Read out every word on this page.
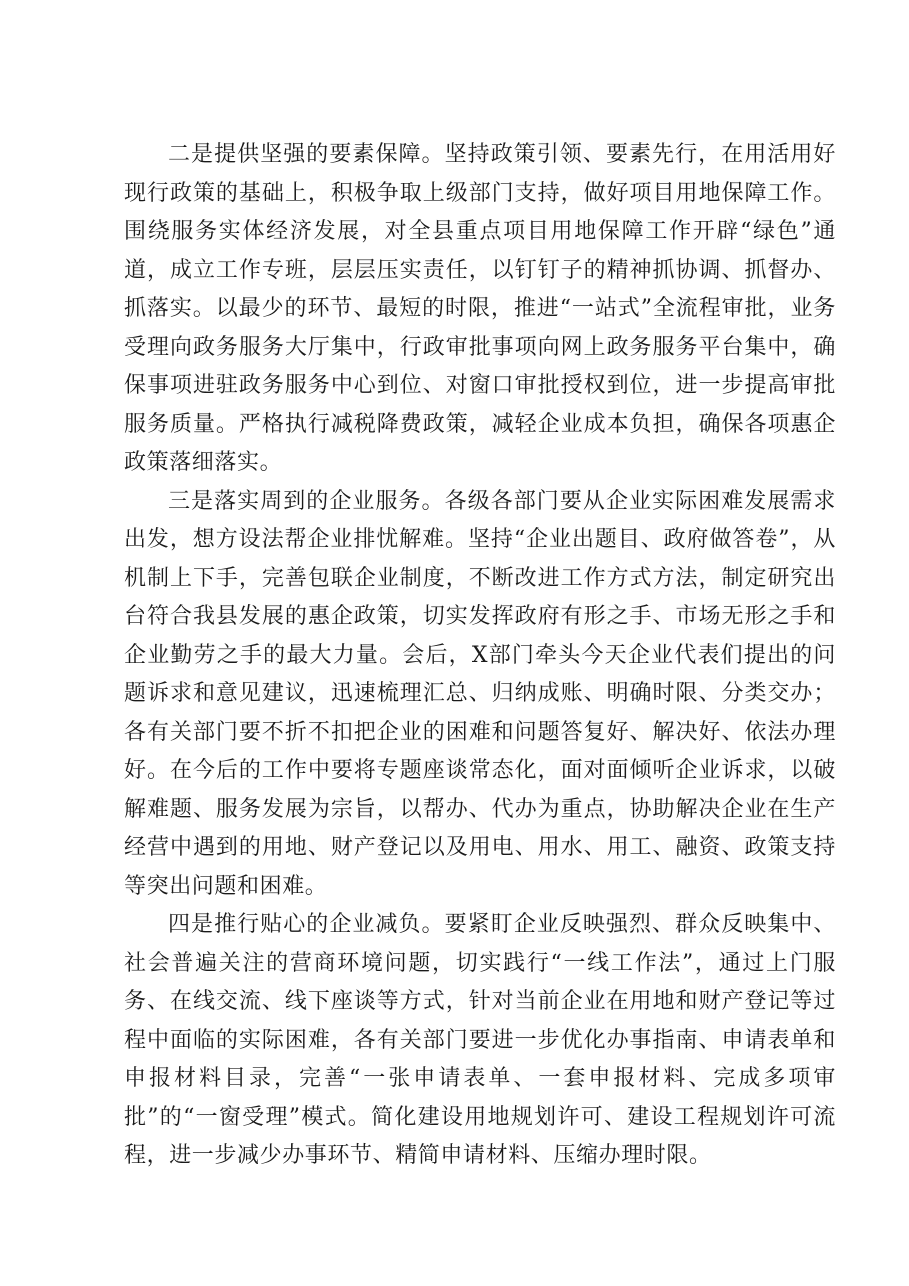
二是提供坚强的要素保障。坚持政策引领、要素先行，在用活用好现行政策的基础上，积极争取上级部门支持，做好项目用地保障工作。围绕服务实体经济发展，对全县重点项目用地保障工作开辟“绿色”通道，成立工作专班，层层压实责任，以钉钉子的精神抓协调、抓督办、抓落实。以最少的环节、最短的时限，推进“一站式”全流程审批，业务受理向政务服务大厅集中，行政审批事项向网上政务服务平台集中，确保事项进驻政务服务中心到位、对窗口审批授权到位，进一步提高审批服务质量。严格执行减税降费政策，减轻企业成本负担，确保各项惠企政策落细落实。

三是落实周到的企业服务。各级各部门要从企业实际困难发展需求出发，想方设法帮企业排忧解难。坚持“企业出题目、政府做答卷”，从机制上下手，完善包联企业制度，不断改进工作方式方法，制定研究出台符合我县发展的惠企政策，切实发挥政府有形之手、市场无形之手和企业勤劳之手的最大力量。会后，X部门牵头今天企业代表们提出的问题诉求和意见建议，迅速梳理汇总、归纳成账、明确时限、分类交办；各有关部门要不折不扣把企业的困难和问题答复好、解决好、依法办理好。在今后的工作中要将专题座谈常态化，面对面倾听企业诉求，以破解难题、服务发展为宗旨，以帮办、代办为重点，协助解决企业在生产经营中遇到的用地、财产登记以及用电、用水、用工、融资、政策支持等突出问题和困难。

四是推行贴心的企业减负。要紧盯企业反映强烈、群众反映集中、社会普遍关注的营商环境问题，切实践行“一线工作法”，通过上门服务、在线交流、线下座谈等方式，针对当前企业在用地和财产登记等过程中面临的实际困难，各有关部门要进一步优化办事指南、申请表单和申报材料目录，完善“一张申请表单、一套申报材料、完成多项审批”的“一窗受理”模式。简化建设用地规划许可、建设工程规划许可流程，进一步减少办事环节、精简申请材料、压缩办理时限。
